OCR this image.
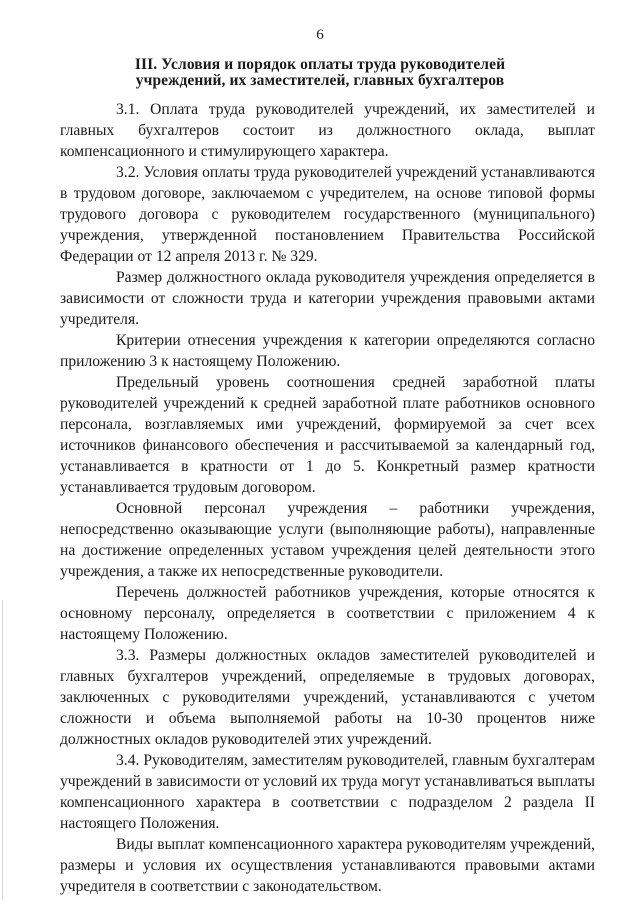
6
III. Условия и порядок оплаты труда руководителей учреждений, их заместителей, главных бухгалтеров

3.1. Оплата труда руководителей учреждений, их заместителей и главных бухгалтеров состоит из должностного оклада, выплат компенсационного и стимулирующего характера.

3.2. Условия оплаты труда руководителей учреждений устанавливаются в трудовом договоре, заключаемом с учредителем, на основе типовой формы трудового договора с руководителем государственного (муниципального) учреждения, утвержденной постановлением Правительства Российской Федерации от 12 апреля 2013 г. № 329.

Размер должностного оклада руководителя учреждения определяется в зависимости от сложности труда и категории учреждения правовыми актами учредителя.

Критерии отнесения учреждения к категории определяются согласно приложению 3 к настоящему Положению.

Предельный уровень соотношения средней заработной платы руководителей учреждений к средней заработной плате работников основного персонала, возглавляемых ими учреждений, формируемой за счет всех источников финансового обеспечения и рассчитываемой за календарный год, устанавливается в кратности от 1 до 5. Конкретный размер кратности устанавливается трудовым договором.

Основной персонал учреждения – работники учреждения, непосредственно оказывающие услуги (выполняющие работы), направленные на достижение определенных уставом учреждения целей деятельности этого учреждения, а также их непосредственные руководители.

Перечень должностей работников учреждения, которые относятся к основному персоналу, определяется в соответствии с приложением 4 к настоящему Положению.

3.3. Размеры должностных окладов заместителей руководителей и главных бухгалтеров учреждений, определяемые в трудовых договорах, заключенных с руководителями учреждений, устанавливаются с учетом сложности и объема выполняемой работы на 10-30 процентов ниже должностных окладов руководителей этих учреждений.

3.4. Руководителям, заместителям руководителей, главным бухгалтерам учреждений в зависимости от условий их труда могут устанавливаться выплаты компенсационного характера в соответствии с подразделом 2 раздела II настоящего Положения.

Виды выплат компенсационного характера руководителям учреждений, размеры и условия их осуществления устанавливаются правовыми актами учредителя в соответствии с законодательством.
